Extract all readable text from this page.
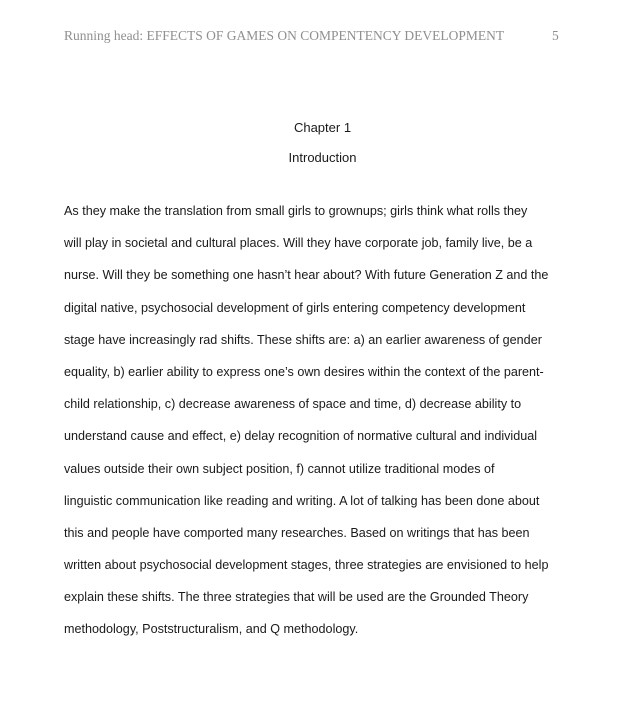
Running head: EFFECTS OF GAMES ON COMPENTENCY DEVELOPMENT	5
Chapter 1
Introduction
As they make the translation from small girls to grownups; girls think what rolls they
will play in societal and cultural places. Will they have corporate job, family live, be a
nurse. Will they be something one hasn’t hear about? With future Generation Z and the
digital native, psychosocial development of girls entering competency development
stage have increasingly rad shifts. These shifts are: a) an earlier awareness of gender
equality, b) earlier ability to express one’s own desires within the context of the parent-
child relationship, c) decrease awareness of space and time, d) decrease ability to
understand cause and effect, e) delay recognition of normative cultural and individual
values outside their own subject position, f) cannot utilize traditional modes of
linguistic communication like reading and writing. A lot of talking has been done about
this and people have comported many researches. Based on writings that has been
written about psychosocial development stages, three strategies are envisioned to help
explain these shifts. The three strategies that will be used are the Grounded Theory
methodology, Poststructuralism, and Q methodology.
